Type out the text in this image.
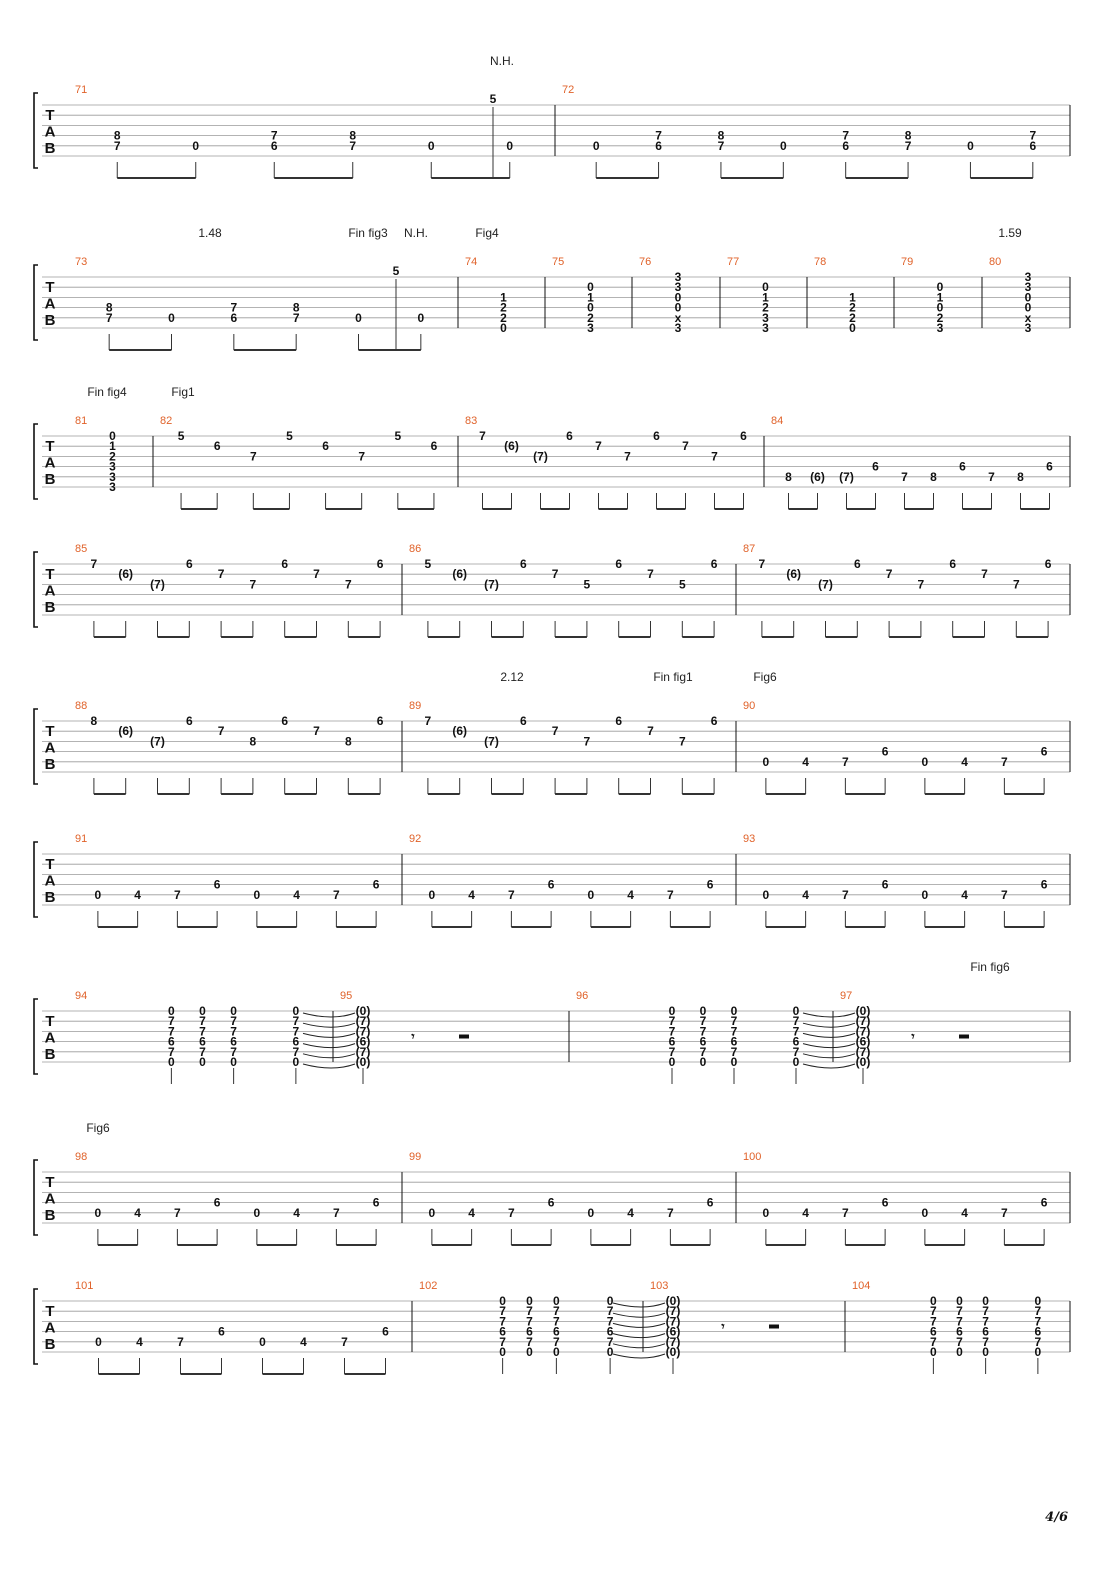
T
A
B
N.H.
71
8
7	0
7
6
8
7	0	0
5
72
0
7
6
8
7	0
7
6
8
7	0
7
6
T
A
B
1.48	Fin fig3 N.H.	Fig4	1.59
73
8
7	0
7
6
8
7	0	0
5
74
1
2
2
0
75
0
1
0
2
3
76
3
3
0
0
x
3
77
0
1
2
3
3
78
1
2
2
0
79
0
1
0
2
3
80
3
3
0
0
x
3
T
A
B
Fin fig4	Fig1
81
0
1
2
3
3
3
82
5
6
7
5
6
7
5
6
83
7
(6)
(7)
6
7
7
6
7
7
6
84
8 (6) (7)
6
7 8
6
7 8
6
T
A
B
85
7
(6)
(7)
6
7
7
6
7
7
6
86
5
(6)
(7)
6
7
5
6
7
5
6
87
7
(6)
(7)
6
7
7
6
7
7
6
T
A
B
2.12	Fin fig1	Fig6
88
8
(6)
(7)
6
7
8
6
7
8
6
89
7
(6)
(7)
6
7
7
6
7
7
6
90
0	4	7
6
0	4	7
6
T
A
B
91
0	4	7
6
0	4	7
6
92
0	4	7
6
0	4	7
6
93
0	4	7
6
0	4	7
6
T
A
B
Fin fig6
94
0
7
7
6
7
0
0
7
7
6
7
0
0
7
7
6
7
0
0
7
7
6
7
0
95
(0)
(7)
(7)
(6)
(7)
(0)
𝄾
96
0
7
7
6
7
0
0
7
7
6
7
0
0
7
7
6
7
0
0
7
7
6
7
0
97
(0)
(7)
(7)
(6)
(7)
(0)
𝄾
T
A
B
Fig6
98
0	4	7
6
0	4	7
6
99
0	4	7
6
0	4	7
6
100
0	4	7
6
0	4	7
6
T
A
B
101
0	4	7
6
0	4	7
6
102
0
7
7
6
7
0
0
7
7
6
7
0
0
7
7
6
7
0
0
7
7
6
7
0
103
(0)
(7)
(7)
(6)
(7)
(0)
𝄾
104
0
7
7
6
7
0
0
7
7
6
7
0
0
7
7
6
7
0
0
7
7
6
7
0
4/6
